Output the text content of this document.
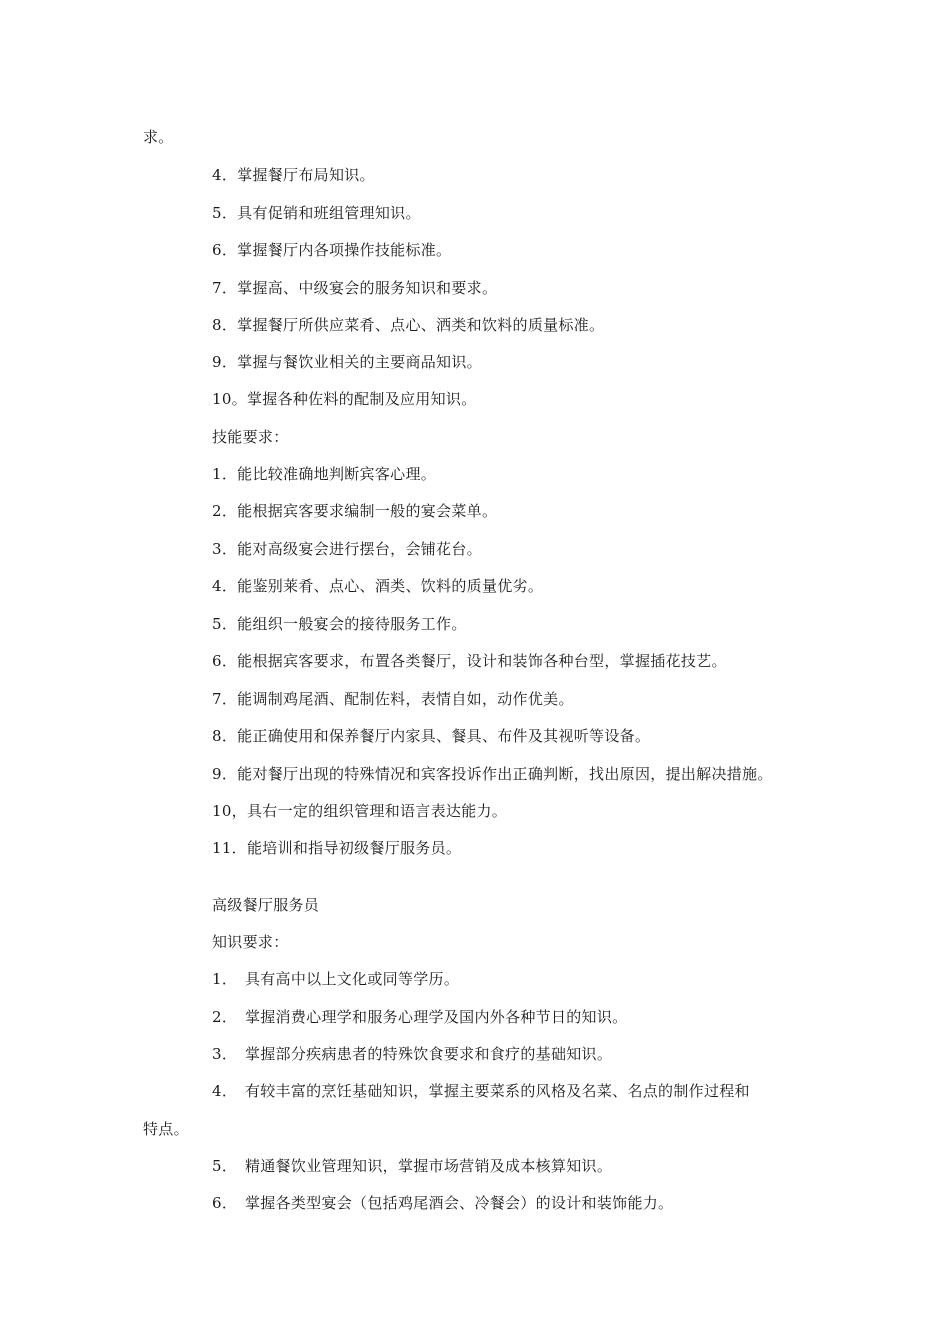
求。
4．掌握餐厅布局知识。
5．具有促销和班组管理知识。
6．掌握餐厅内各项操作技能标准。
7．掌握高、中级宴会的服务知识和要求。
8．掌握餐厅所供应菜肴、点心、洒类和饮料的质量标准。
9．掌握与餐饮业相关的主要商品知识。
10。掌握各种佐料的配制及应用知识。
技能要求：
1．能比较准确地判断宾客心理。
2．能根据宾客要求编制一般的宴会菜单。
3．能对高级宴会进行摆台，会铺花台。
4．能鉴别莱肴、点心、酒类、饮料的质量优劣。
5．能组织一般宴会的接待服务工作。
6．能根据宾客要求，布置各类餐厅，设计和装饰各种台型，掌握插花技艺。
7．能调制鸡尾酒、配制佐料，表情自如，动作优美。
8．能正确使用和保养餐厅内家具、餐具、布件及其视听等设备。
9．能对餐厅出现的特殊情况和宾客投诉作出正确判断，找出原因，提出解决措施。
10，具右一定的组织管理和语言表达能力。
11．能培训和指导初级餐厅服务员。
高级餐厅服务员
知识要求：
1．　具有高中以上文化或同等学历。
2．　掌握消费心理学和服务心理学及国内外各种节日的知识。
3．　掌握部分疾病患者的特殊饮食要求和食疗的基础知识。
4．　有较丰富的烹饪基础知识，掌握主要菜系的风格及名菜、名点的制作过程和
特点。
5．　精通餐饮业管理知识，掌握市场营销及成本核算知识。
6．　掌握各类型宴会（包括鸡尾酒会、冷餐会）的设计和装饰能力。
